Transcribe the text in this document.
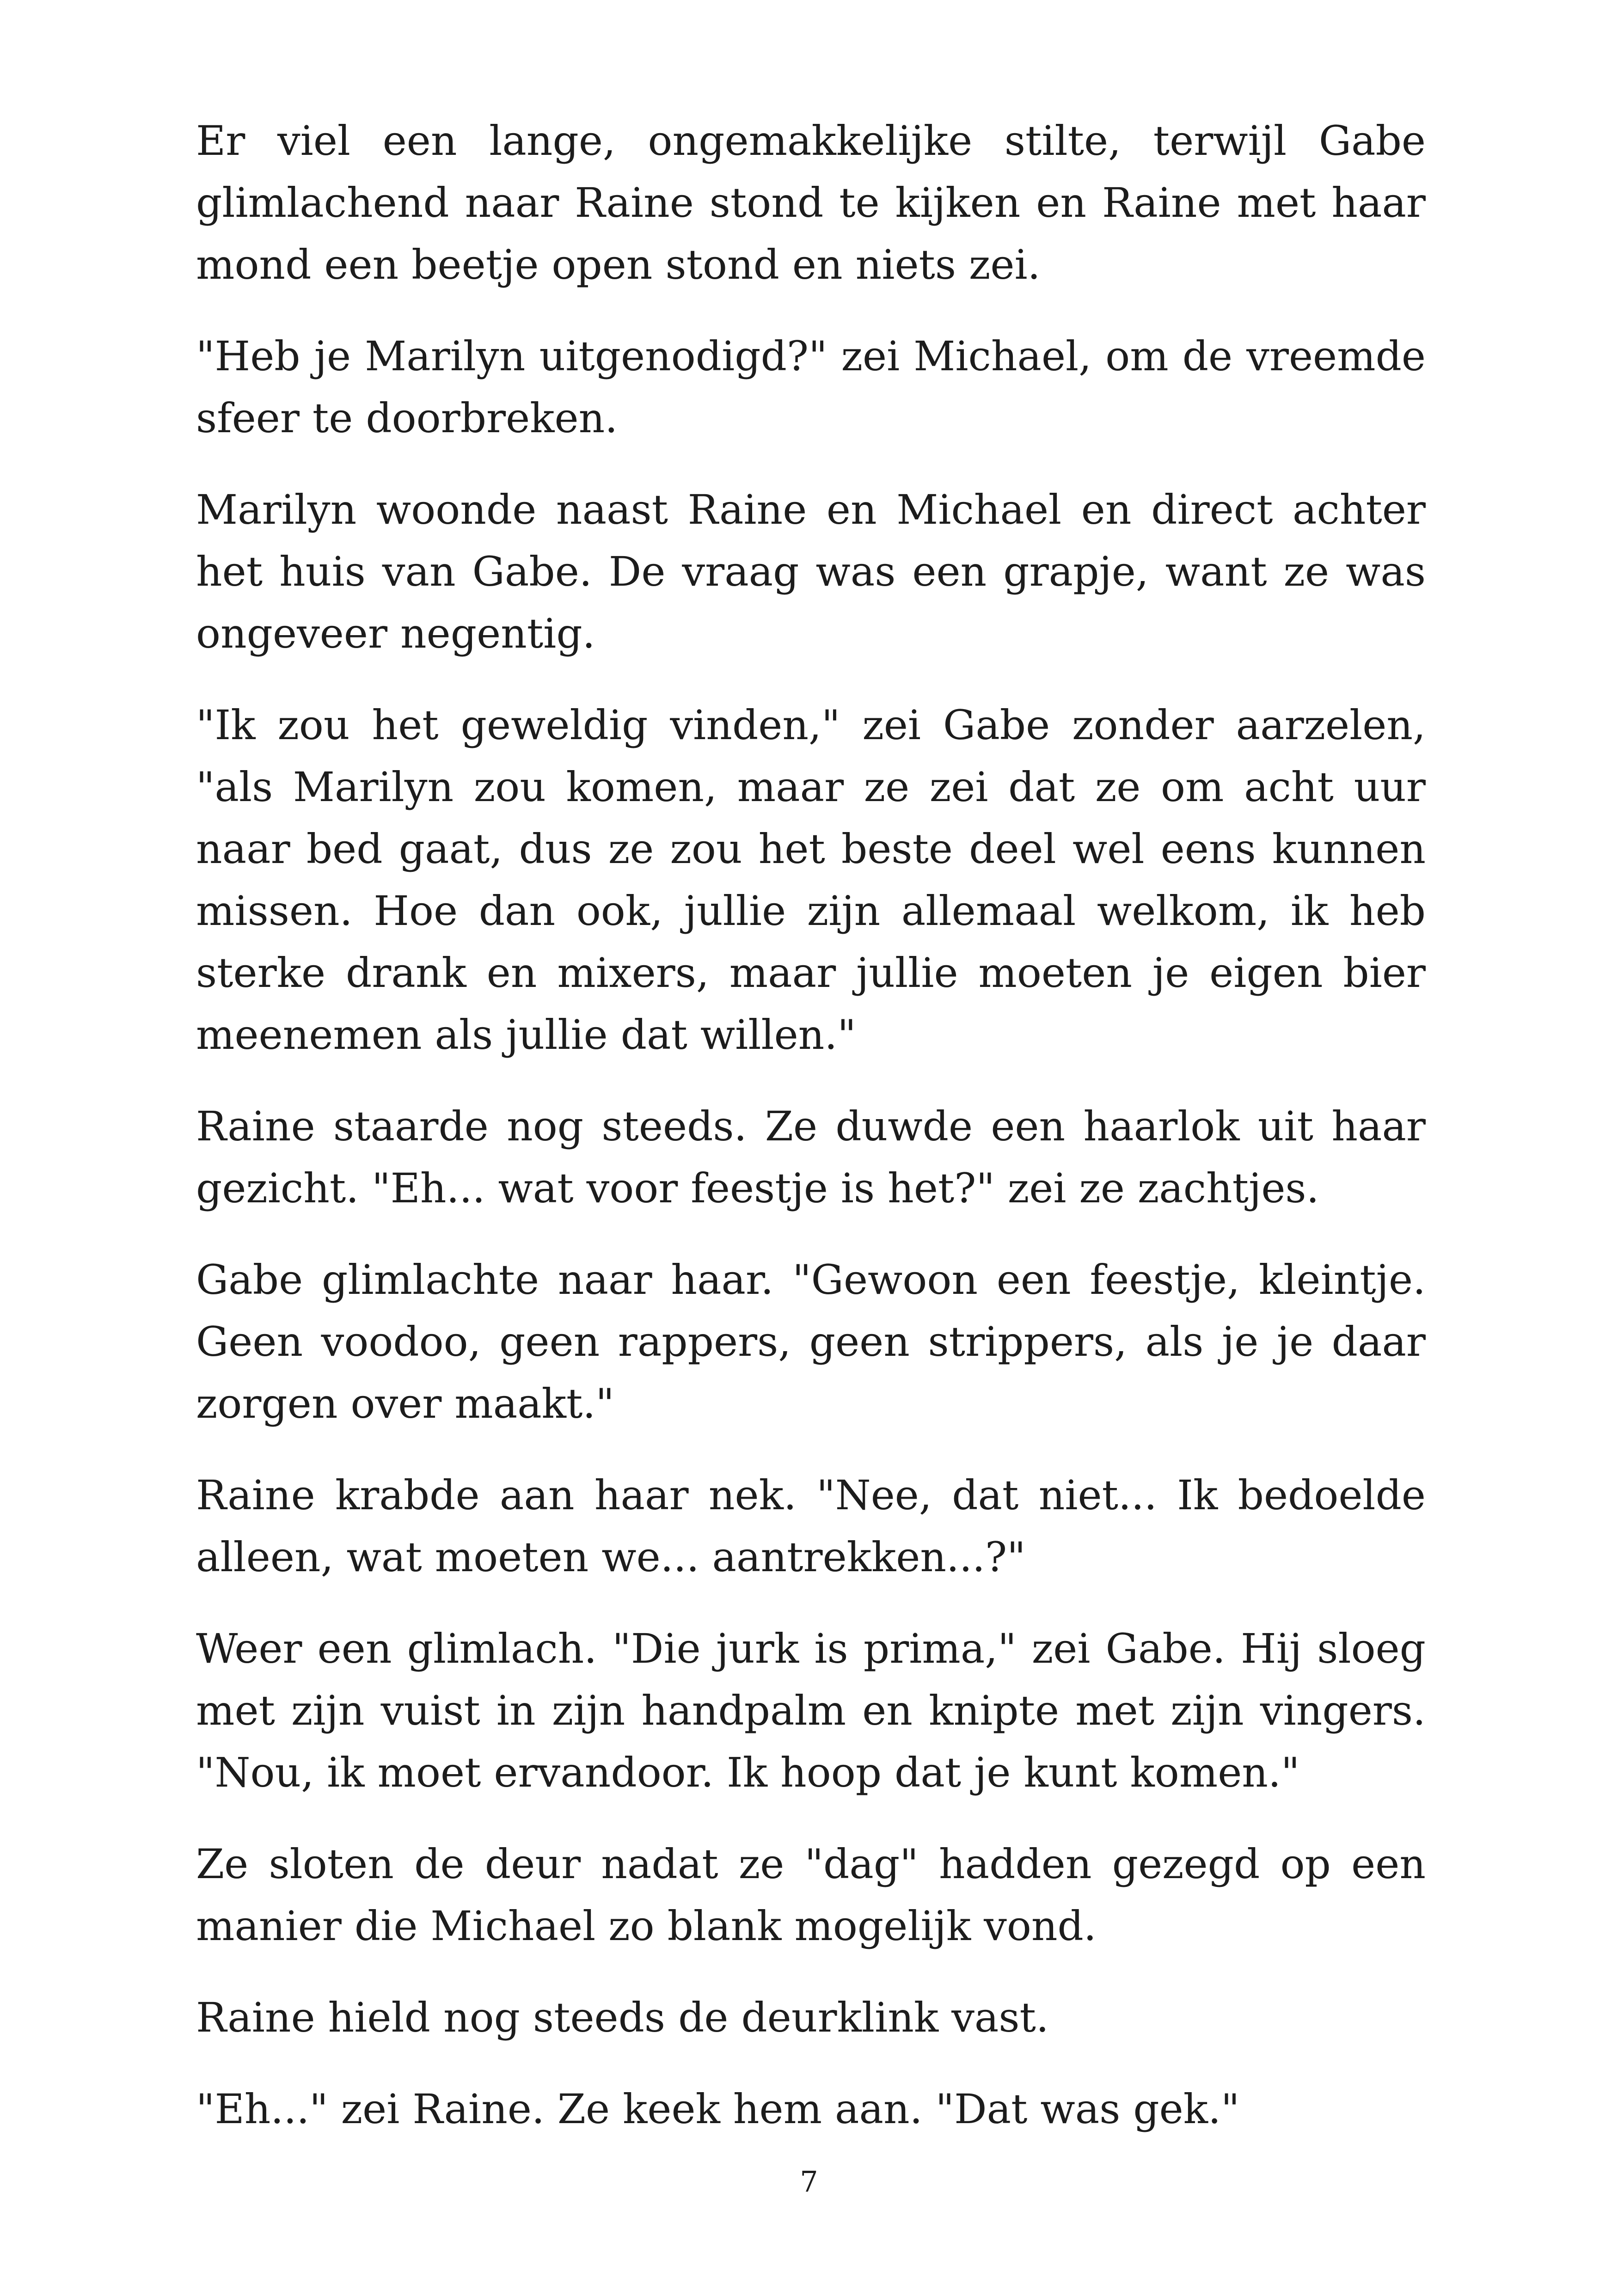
Er viel een lange, ongemakkelijke stilte, terwijl Gabe glimlachend naar Raine stond te kijken en Raine met haar mond een beetje open stond en niets zei.

"Heb je Marilyn uitgenodigd?" zei Michael, om de vreemde sfeer te doorbreken.

Marilyn woonde naast Raine en Michael en direct achter het huis van Gabe. De vraag was een grapje, want ze was ongeveer negentig.

"Ik zou het geweldig vinden," zei Gabe zonder aarzelen, "als Marilyn zou komen, maar ze zei dat ze om acht uur naar bed gaat, dus ze zou het beste deel wel eens kunnen missen. Hoe dan ook, jullie zijn allemaal welkom, ik heb sterke drank en mixers, maar jullie moeten je eigen bier meenemen als jullie dat willen."

Raine staarde nog steeds. Ze duwde een haarlok uit haar gezicht. "Eh... wat voor feestje is het?" zei ze zachtjes.

Gabe glimlachte naar haar. "Gewoon een feestje, kleintje. Geen voodoo, geen rappers, geen strippers, als je je daar zorgen over maakt."

Raine krabde aan haar nek. "Nee, dat niet... Ik bedoelde alleen, wat moeten we... aantrekken...?"

Weer een glimlach. "Die jurk is prima," zei Gabe. Hij sloeg met zijn vuist in zijn handpalm en knipte met zijn vingers. "Nou, ik moet ervandoor. Ik hoop dat je kunt komen."

Ze sloten de deur nadat ze "dag" hadden gezegd op een manier die Michael zo blank mogelijk vond.

Raine hield nog steeds de deurklink vast.

"Eh..." zei Raine. Ze keek hem aan. "Dat was gek."

7
